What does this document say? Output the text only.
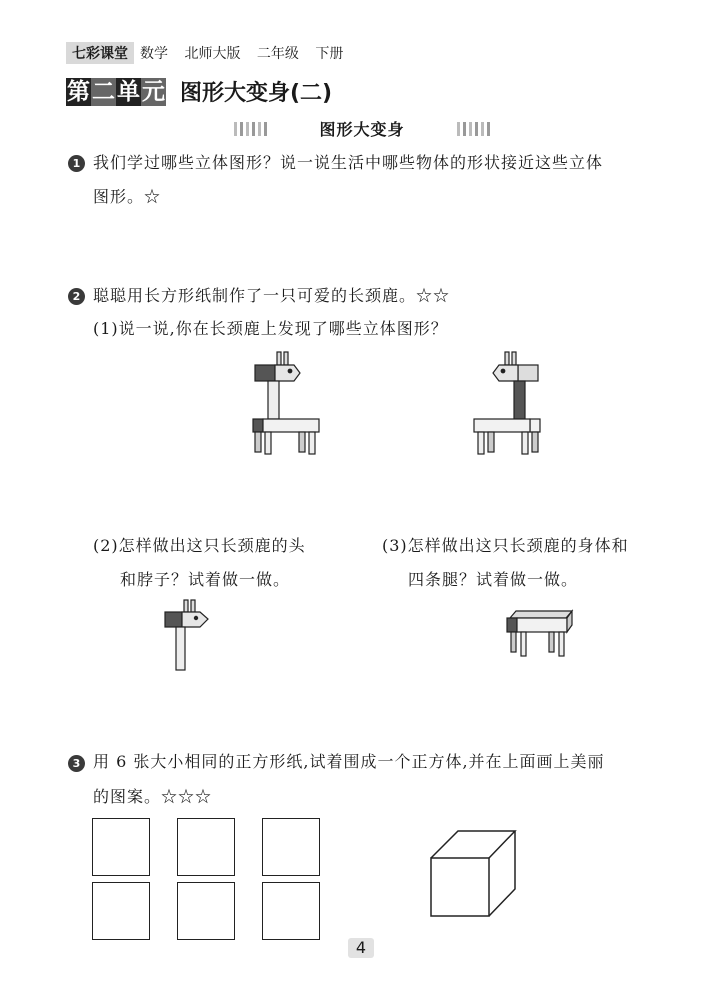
七彩课堂 数学 北师大版 二年级 下册
第 二 单 元 图形大变身(二)
图形大变身
1 我们学过哪些立体图形？说一说生活中哪些物体的形状接近这些立体
图形。☆
2 聪聪用长方形纸制作了一只可爱的长颈鹿。☆☆
(1)说一说,你在长颈鹿上发现了哪些立体图形？
(2)怎样做出这只长颈鹿的头
和脖子？试着做一做。
(3)怎样做出这只长颈鹿的身体和
四条腿？试着做一做。
3 用 6 张大小相同的正方形纸,试着围成一个正方体,并在上面画上美丽
的图案。☆☆☆
4
